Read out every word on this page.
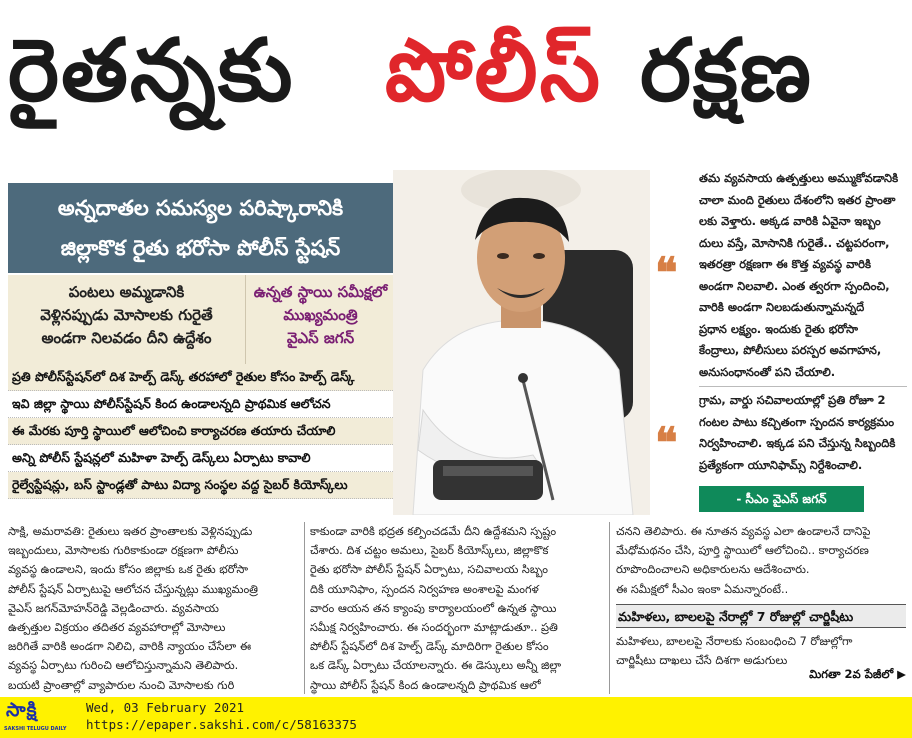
రైతన్నకు పోలీస్ రక్షణ
అన్నదాతల సమస్యల పరిష్కారానికి
జిల్లాకొక రైతు భరోసా పోలీస్ స్టేషన్
పంటలు అమ్మడానికి
వెళ్లినప్పుడు మోసాలకు గురైతే
అండగా నిలవడం దీని ఉద్దేశం
ఉన్నత స్థాయి సమీక్షలో
ముఖ్యమంత్రి
వైఎస్ జగన్
ప్రతి పోలీస్‌స్టేషన్‌లో దిశ హెల్ప్ డెస్క్ తరహాలో రైతుల కోసం హెల్ప్ డెస్క్
ఇవి జిల్లా స్థాయి పోలీస్‌స్టేషన్ కింద ఉండాలన్నది ప్రాథమిక ఆలోచన
ఈ మేరకు పూర్తి స్థాయిలో ఆలోచించి కార్యాచరణ తయారు చేయాలి
అన్ని పోలీస్ స్టేషన్లలో మహిళా హెల్ప్ డెస్క్‌లు ఏర్పాటు కావాలి
రైల్వేస్టేషన్లు, బస్ స్టాండ్లతో పాటు విద్యా సంస్థల వద్ద సైబర్ కియోస్క్‌లు
❝
తమ వ్యవసాయ ఉత్పత్తులు అమ్ముకోవడానికి
చాలా మంది రైతులు దేశంలోని ఇతర ప్రాంతా
లకు వెళ్తారు. అక్కడ వారికి ఏవైనా ఇబ్బం
దులు వస్తే, మోసానికి గురైతే.. చట్టపరంగా,
ఇతరత్రా రక్షణగా ఈ కొత్త వ్యవస్థ వారికి
అండగా నిలవాలి. ఎంత త్వరగా స్పందించి,
వారికి అండగా నిలబడుతున్నామన్నదే
ప్రధాన లక్ష్యం. ఇందుకు రైతు భరోసా
కేంద్రాలు, పోలీసులు పరస్పర అవగాహన,
అనుసంధానంతో పని చేయాలి.
❝
గ్రామ, వార్డు సచివాలయాల్లో ప్రతి రోజూ 2
గంటల పాటు కచ్చితంగా స్పందన కార్యక్రమం
నిర్వహించాలి. ఇక్కడ పని చేస్తున్న సిబ్బందికి
ప్రత్యేకంగా యూనిఫామ్స్ నిర్దేశించాలి.
- సీఎం వైఎస్ జగన్
సాక్షి, అమరావతి: రైతులు ఇతర ప్రాంతాలకు వెళ్లినప్పుడు
ఇబ్బందులు, మోసాలకు గురికాకుండా రక్షణగా పోలీసు
వ్యవస్థ ఉండాలని, ఇందు కోసం జిల్లాకు ఒక రైతు భరోసా
పోలీస్ స్టేషన్ ఏర్పాటుపై ఆలోచన చేస్తున్నట్లు ముఖ్యమంత్రి
వైఎస్ జగన్‌మోహన్‌రెడ్డి వెల్లడించారు. వ్యవసాయ
ఉత్పత్తుల విక్రయం తదితర వ్యవహారాల్లో మోసాలు
జరిగితే వారికి అండగా నిలిచి, వారికి న్యాయం చేసేలా ఈ
వ్యవస్థ ఏర్పాటు గురించి ఆలోచిస్తున్నామని తెలిపారు.
బయటి ప్రాంతాల్లో వ్యాపారుల నుంచి మోసాలకు గురి
కాకుండా వారికి భద్రత కల్పించడమే దీని ఉద్దేశమని స్పష్టం
చేశారు. దిశ చట్టం అమలు, సైబర్ కియోస్క్‌లు, జిల్లాకొక
రైతు భరోసా పోలీస్ స్టేషన్ ఏర్పాటు, సచివాలయ సిబ్బం
దికి యూనిఫాం, స్పందన నిర్వహణ అంశాలపై మంగళ
వారం ఆయన తన క్యాంపు కార్యాలయంలో ఉన్నత స్థాయి
సమీక్ష నిర్వహించారు. ఈ సందర్భంగా మాట్లాడుతూ.. ప్రతి
పోలీస్ స్టేషన్‌లో దిశ హెల్ప్ డెస్క్ మాదిరిగా రైతుల కోసం
ఒక డెస్క్ ఏర్పాటు చేయాలన్నారు. ఈ డెస్కులు అన్నీ జిల్లా
స్థాయి పోలీస్ స్టేషన్ కింద ఉండాలన్నది ప్రాథమిక ఆలో
చనని తెలిపారు. ఈ నూతన వ్యవస్థ ఎలా ఉండాలనే దానిపై
మేధోమథనం చేసి, పూర్తి స్థాయిలో ఆలోచించి.. కార్యాచరణ
రూపొందించాలని అధికారులను ఆదేశించారు.
ఈ సమీక్షలో సీఎం ఇంకా ఏమన్నారంటే..
మహిళలు, బాలలపై నేరాల్లో 7 రోజుల్లో చార్జిషీటు
మహిళలు, బాలలపై నేరాలకు సంబంధించి 7 రోజుల్లోగా
చార్జిషీటు దాఖలు చేసే దిశగా అడుగులు
మిగతా 2వ పేజీలో ▶
సాక్షి
SAKSHI TELUGU DAILY
Wed, 03 February 2021
https://epaper.sakshi.com/c/58163375
